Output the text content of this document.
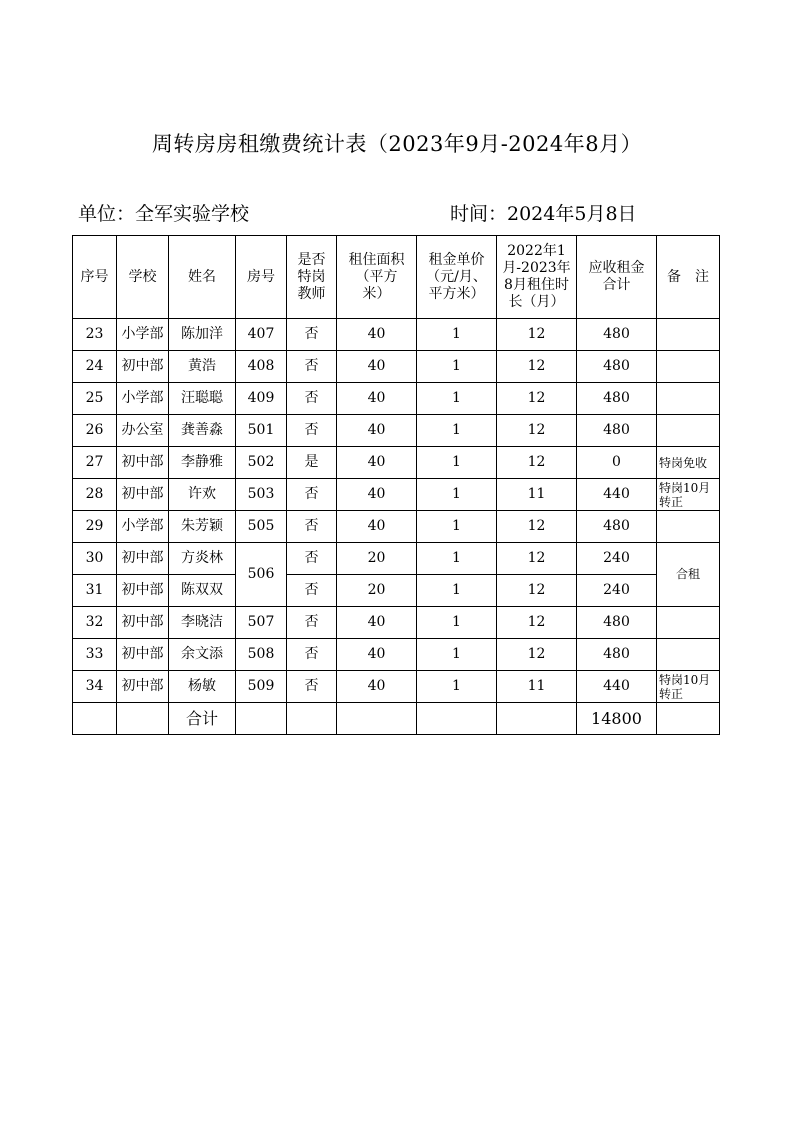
周转房房租缴费统计表（2023年9月-2024年8月）
单位：全军实验学校	时间：2024年5月8日
序号	学校	姓名	房号	是否特岗教师	租住面积（平方米）	租金单价（元/月、平方米）	2022年1月-2023年8月租住时长（月）	应收租金合计	备　注
23	小学部	陈加洋	407	否	40	1	12	480	
24	初中部	黄浩	408	否	40	1	12	480	
25	小学部	汪聪聪	409	否	40	1	12	480	
26	办公室	龚善淼	501	否	40	1	12	480	
27	初中部	李静雅	502	是	40	1	12	0	特岗免收
28	初中部	许欢	503	否	40	1	11	440	特岗10月转正
29	小学部	朱芳颖	505	否	40	1	12	480	
30	初中部	方炎林	506	否	20	1	12	240	合租
31	初中部	陈双双		否	20	1	12	240	
32	初中部	李晓洁	507	否	40	1	12	480	
33	初中部	余文添	508	否	40	1	12	480	
34	初中部	杨敏	509	否	40	1	11	440	特岗10月转正
		合计						14800	
